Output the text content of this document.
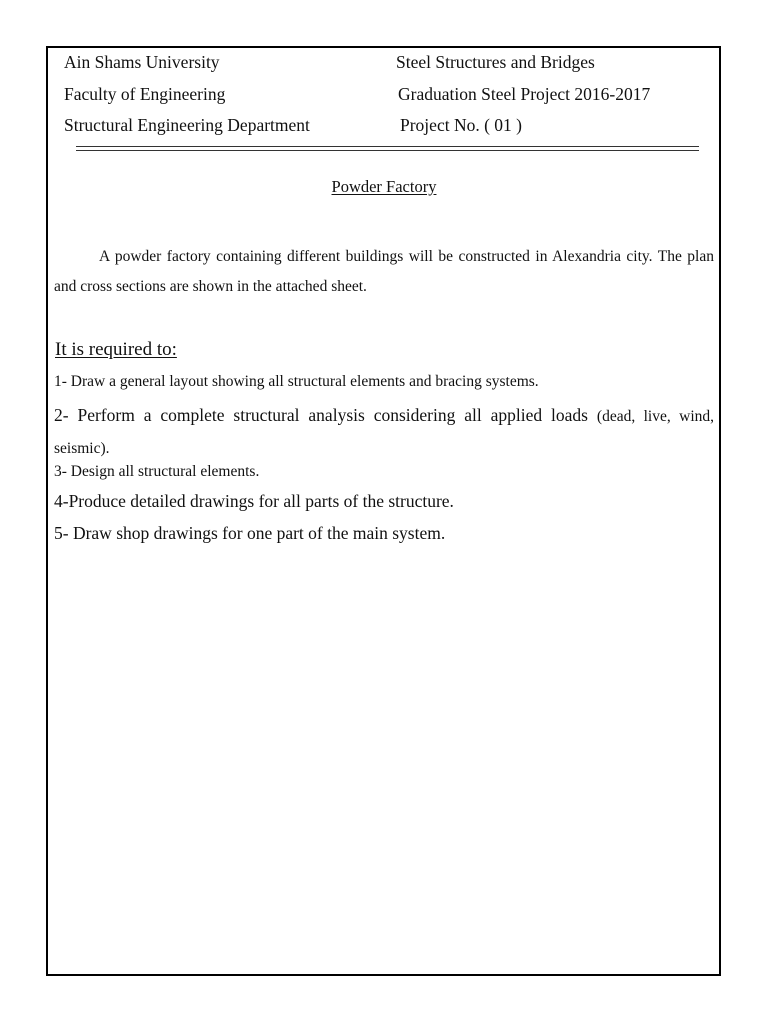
Ain Shams University
Faculty of Engineering
Structural Engineering Department
Steel Structures and Bridges
Graduation Steel Project 2016-2017
Project No. ( 01 )
Powder Factory
A powder factory containing different buildings will be constructed in Alexandria city. The plan and cross sections are shown in the attached sheet.
It is required to:
1- Draw a general layout showing all structural elements and bracing systems.
2- Perform a complete structural analysis considering all applied loads (dead, live, wind, seismic).
3- Design all structural elements.
4-Produce detailed drawings for all parts of the structure.
5- Draw shop drawings for one part of the main system.
